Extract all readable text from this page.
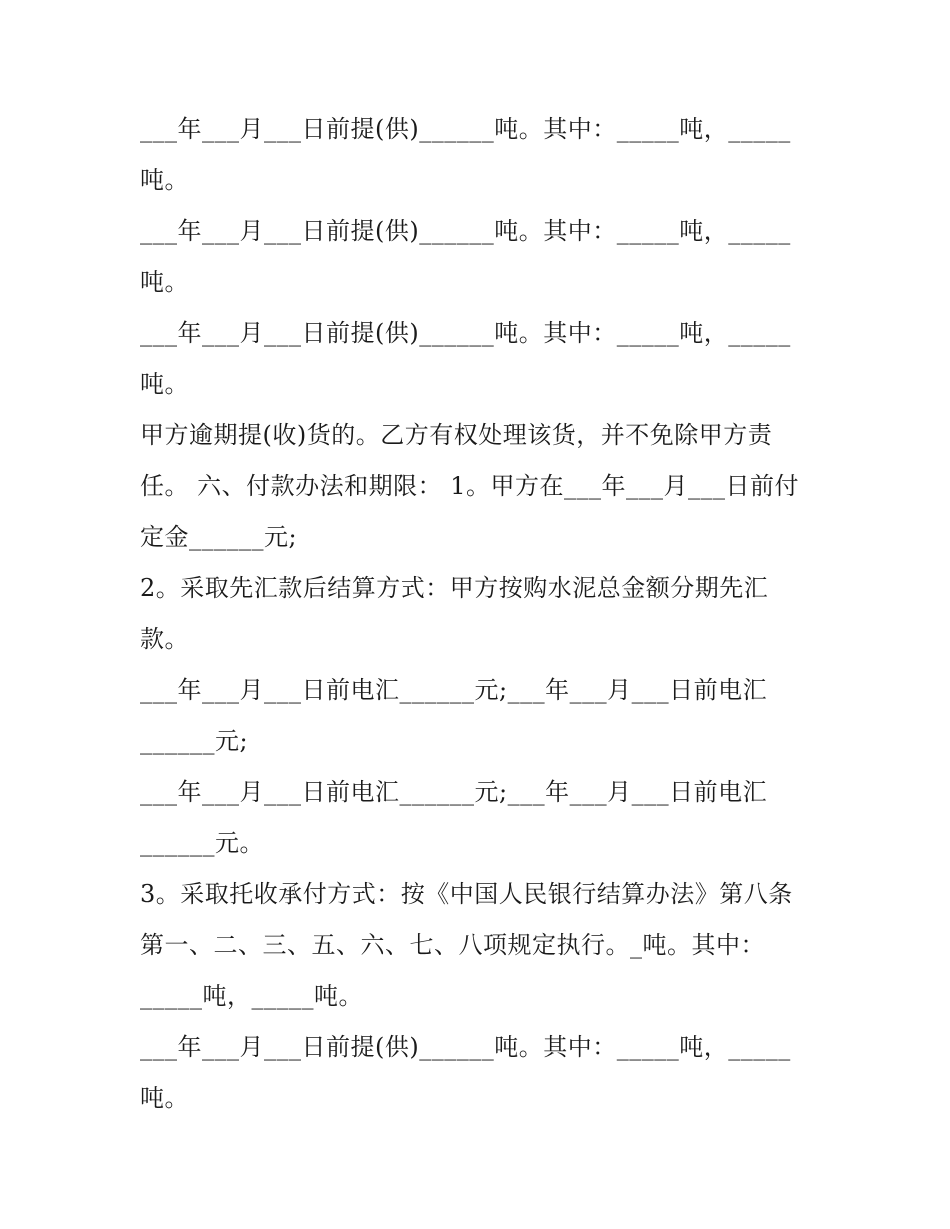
___年___月___日前提(供)______吨。其中：_____吨，_____
吨。
___年___月___日前提(供)______吨。其中：_____吨，_____
吨。
___年___月___日前提(供)______吨。其中：_____吨，_____
吨。
甲方逾期提(收)货的。乙方有权处理该货，并不免除甲方责
任。 六、付款办法和期限： 1。甲方在___年___月___日前付
定金______元;
2。采取先汇款后结算方式：甲方按购水泥总金额分期先汇
款。
___年___月___日前电汇______元;___年___月___日前电汇
______元;
___年___月___日前电汇______元;___年___月___日前电汇
______元。
3。采取托收承付方式：按《中国人民银行结算办法》第八条
第一、二、三、五、六、七、八项规定执行。_吨。其中：
_____吨，_____吨。
___年___月___日前提(供)______吨。其中：_____吨，_____
吨。
